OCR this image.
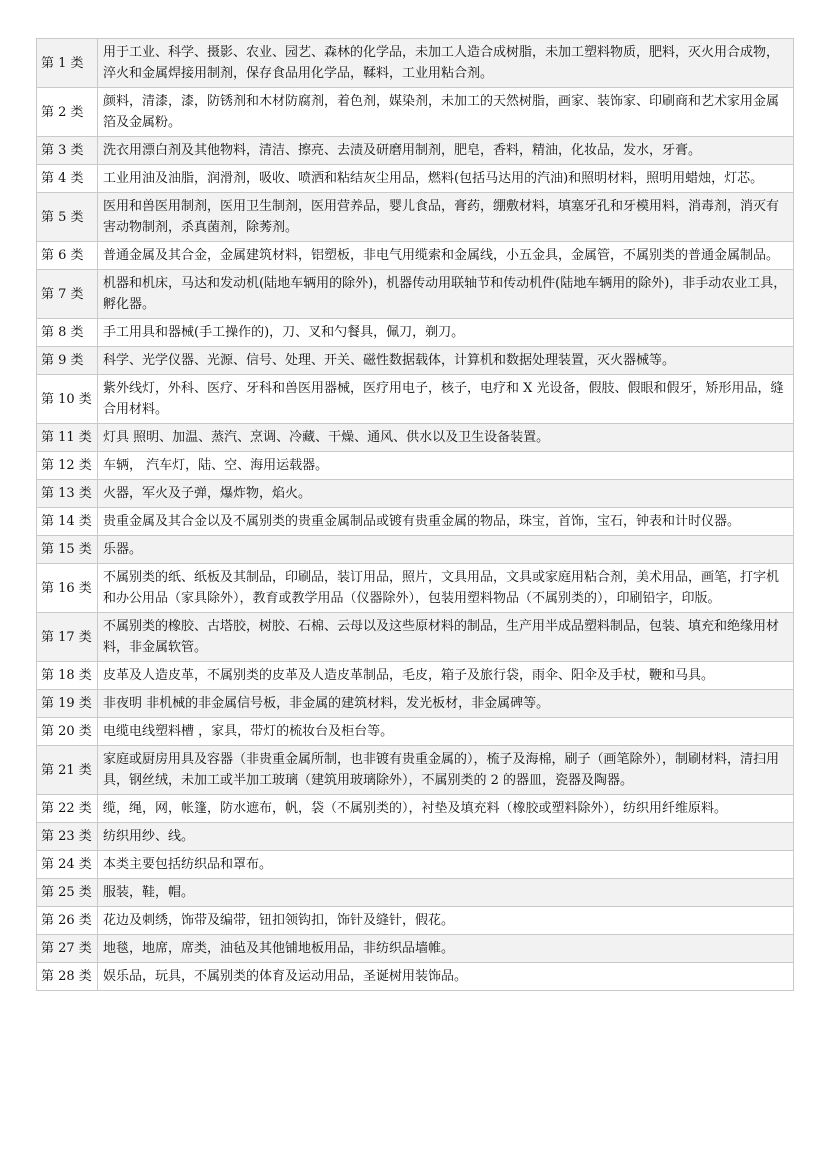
第 1 类	用于工业、科学、摄影、农业、园艺、森林的化学品，未加工人造合成树脂，未加工塑料物质，肥料，灭火用合成物，淬火和金属焊接用制剂，保存食品用化学品，鞣料，工业用粘合剂。
第 2 类	颜料，清漆，漆，防锈剂和木材防腐剂，着色剂，媒染剂，未加工的天然树脂，画家、装饰家、印刷商和艺术家用金属箔及金属粉。
第 3 类	洗衣用漂白剂及其他物料，清洁、擦亮、去渍及研磨用制剂，肥皂，香料，精油，化妆品，发水，牙膏。
第 4 类	工业用油及油脂，润滑剂，吸收、喷洒和粘结灰尘用品，燃料(包括马达用的汽油)和照明材料，照明用蜡烛，灯芯。
第 5 类	医用和兽医用制剂，医用卫生制剂，医用营养品，婴儿食品，膏药，绷敷材料，填塞牙孔和牙模用料，消毒剂，消灭有害动物制剂，杀真菌剂，除莠剂。
第 6 类	普通金属及其合金，金属建筑材料，铝塑板，非电气用缆索和金属线，小五金具，金属管，不属别类的普通金属制品。
第 7 类	机器和机床，马达和发动机(陆地车辆用的除外)，机器传动用联轴节和传动机件(陆地车辆用的除外)，非手动农业工具，孵化器。
第 8 类	手工用具和器械(手工操作的)，刀、叉和勺餐具，佩刀，剃刀。
第 9 类	科学、光学仪器、光源、信号、处理、开关、磁性数据载体，计算机和数据处理装置，灭火器械等。
第 10 类	紫外线灯，外科、医疗、牙科和兽医用器械，医疗用电子，核子，电疗和 X 光设备，假肢、假眼和假牙，矫形用品，缝合用材料。
第 11 类	灯具 照明、加温、蒸汽、烹调、冷藏、干燥、通风、供水以及卫生设备装置。
第 12 类	车辆， 汽车灯，陆、空、海用运载器。
第 13 类	火器，军火及子弹，爆炸物，焰火。
第 14 类	贵重金属及其合金以及不属别类的贵重金属制品或镀有贵重金属的物品，珠宝，首饰，宝石，钟表和计时仪器。
第 15 类	乐器。
第 16 类	不属别类的纸、纸板及其制品，印刷品，装订用品，照片，文具用品，文具或家庭用粘合剂，美术用品，画笔，打字机和办公用品（家具除外），教育或教学用品（仪器除外），包装用塑料物品（不属别类的），印刷铅字，印版。
第 17 类	不属别类的橡胶、古塔胶，树胶、石棉、云母以及这些原材料的制品，生产用半成品塑料制品，包装、填充和绝缘用材料，非金属软管。
第 18 类	皮革及人造皮革，不属别类的皮革及人造皮革制品，毛皮，箱子及旅行袋，雨伞、阳伞及手杖，鞭和马具。
第 19 类	非夜明 非机械的非金属信号板，非金属的建筑材料，发光板材，非金属碑等。
第 20 类	电缆电线塑料槽 ，家具，带灯的梳妆台及柜台等。
第 21 类	家庭或厨房用具及容器（非贵重金属所制，也非镀有贵重金属的），梳子及海棉，刷子（画笔除外），制刷材料，清扫用具，钢丝绒，未加工或半加工玻璃（建筑用玻璃除外），不属别类的 2 的器皿，瓷器及陶器。
第 22 类	缆，绳，网，帐篷，防水遮布，帆，袋（不属别类的），衬垫及填充料（橡胶或塑料除外），纺织用纤维原料。
第 23 类	纺织用纱、线。
第 24 类	本类主要包括纺织品和罩布。
第 25 类	服装，鞋，帽。
第 26 类	花边及刺绣，饰带及编带，钮扣领钩扣，饰针及缝针，假花。
第 27 类	地毯，地席，席类，油毡及其他铺地板用品，非纺织品墙帷。
第 28 类	娱乐品，玩具，不属别类的体育及运动用品，圣诞树用装饰品。
